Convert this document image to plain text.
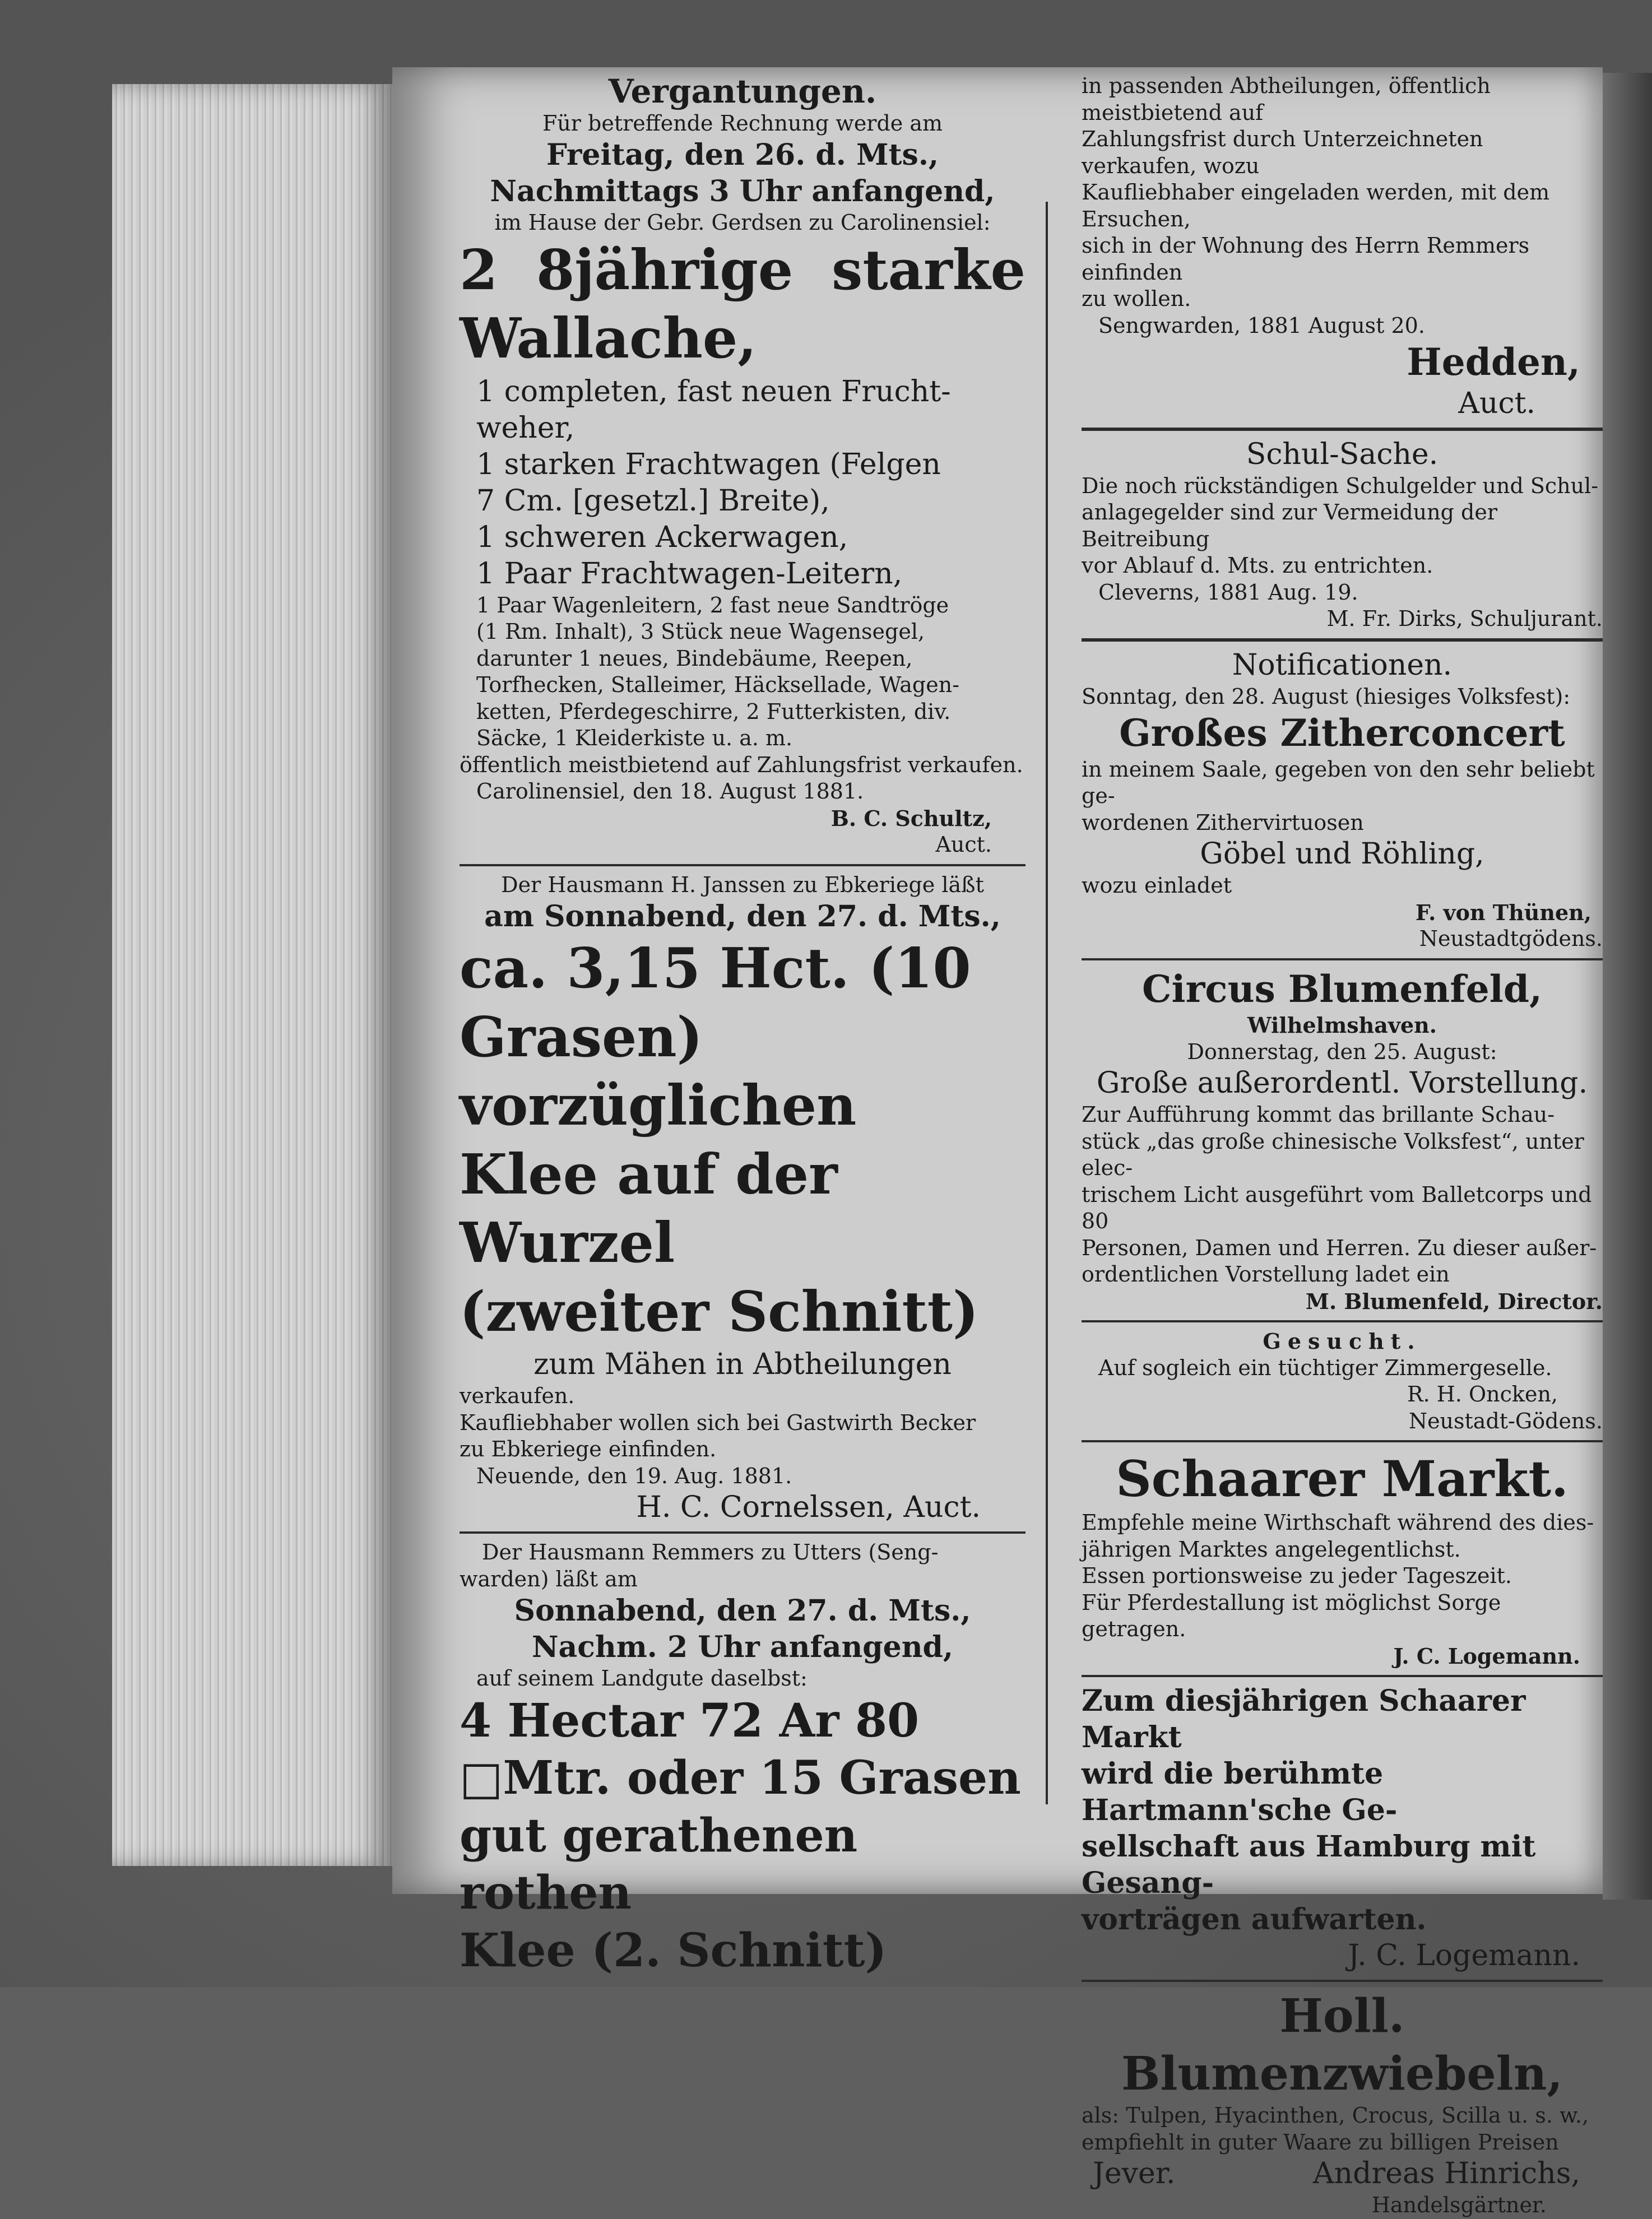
Vergantungen.

Für betreffende Rechnung werde am

Freitag, den 26. d. Mts.,

Nachmittags 3 Uhr anfangend,

im Hause der Gebr. Gerdsen zu Carolinensiel:

2 8jährige starke

Wallache,

1 completen, fast neuen Frucht-

weher,

1 starken Frachtwagen (Felgen

7 Cm. [gesetzl.] Breite),

1 schweren Ackerwagen,

1 Paar Frachtwagen-Leitern,

1 Paar Wagenleitern, 2 fast neue Sandtröge

(1 Rm. Inhalt), 3 Stück neue Wagensegel,

darunter 1 neues, Bindebäume, Reepen,

Torfhecken, Stalleimer, Häcksellade, Wagen-

ketten, Pferdegeschirre, 2 Futterkisten, div.

Säcke, 1 Kleiderkiste u. a. m.

öffentlich meistbietend auf Zahlungsfrist verkaufen.

Carolinensiel, den 18. August 1881.

B. C. Schultz,

Auct.

Der Hausmann H. Janssen zu Ebkeriege läßt

am Sonnabend, den 27. d. Mts.,

ca. 3,15 Hct. (10

Grasen) vorzüglichen

Klee auf der Wurzel

(zweiter Schnitt)

zum Mähen in Abtheilungen

verkaufen.

Kaufliebhaber wollen sich bei Gastwirth Becker

zu Ebkeriege einfinden.

Neuende, den 19. Aug. 1881.

H. C. Cornelssen, Auct.

Der Hausmann Remmers zu Utters (Seng-

warden) läßt am

Sonnabend, den 27. d. Mts.,

Nachm. 2 Uhr anfangend,

auf seinem Landgute daselbst:

4 Hectar 72 Ar 80

□Mtr. oder 15 Grasen

gut gerathenen rothen

Klee (2. Schnitt)

in passenden Abtheilungen, öffentlich meistbietend auf

Zahlungsfrist durch Unterzeichneten verkaufen, wozu

Kaufliebhaber eingeladen werden, mit dem Ersuchen,

sich in der Wohnung des Herrn Remmers einfinden

zu wollen.

Sengwarden, 1881 August 20.

Hedden,

Auct.

Schul-Sache.

Die noch rückständigen Schulgelder und Schul-

anlagegelder sind zur Vermeidung der Beitreibung

vor Ablauf d. Mts. zu entrichten.

Cleverns, 1881 Aug. 19.

M. Fr. Dirks, Schuljurant.

Notificationen.

Sonntag, den 28. August (hiesiges Volksfest):

Großes Zitherconcert

in meinem Saale, gegeben von den sehr beliebt ge-

wordenen Zithervirtuosen

Göbel und Röhling,

wozu einladet

F. von Thünen,

Neustadtgödens.

Circus Blumenfeld,

Wilhelmshaven.

Donnerstag, den 25. August:

Große außerordentl. Vorstellung.

Zur Aufführung kommt das brillante Schau-

stück „das große chinesische Volksfest“, unter elec-

trischem Licht ausgeführt vom Balletcorps und 80

Personen, Damen und Herren. Zu dieser außer-

ordentlichen Vorstellung ladet ein

M. Blumenfeld, Director.

Gesucht.

Auf sogleich ein tüchtiger Zimmergeselle.

R. H. Oncken,

Neustadt-Gödens.

Schaarer Markt.

Empfehle meine Wirthschaft während des dies-

jährigen Marktes angelegentlichst.

Essen portionsweise zu jeder Tageszeit.

Für Pferdestallung ist möglichst Sorge getragen.

J. C. Logemann.

Zum diesjährigen Schaarer Markt

wird die berühmte Hartmann'sche Ge-

sellschaft aus Hamburg mit Gesang-

vorträgen aufwarten.

J. C. Logemann.

Holl. Blumenzwiebeln,

als: Tulpen, Hyacinthen, Crocus, Scilla u. s. w.,

empfiehlt in guter Waare zu billigen Preisen

Jever.	Andreas Hinrichs,

Handelsgärtner.
